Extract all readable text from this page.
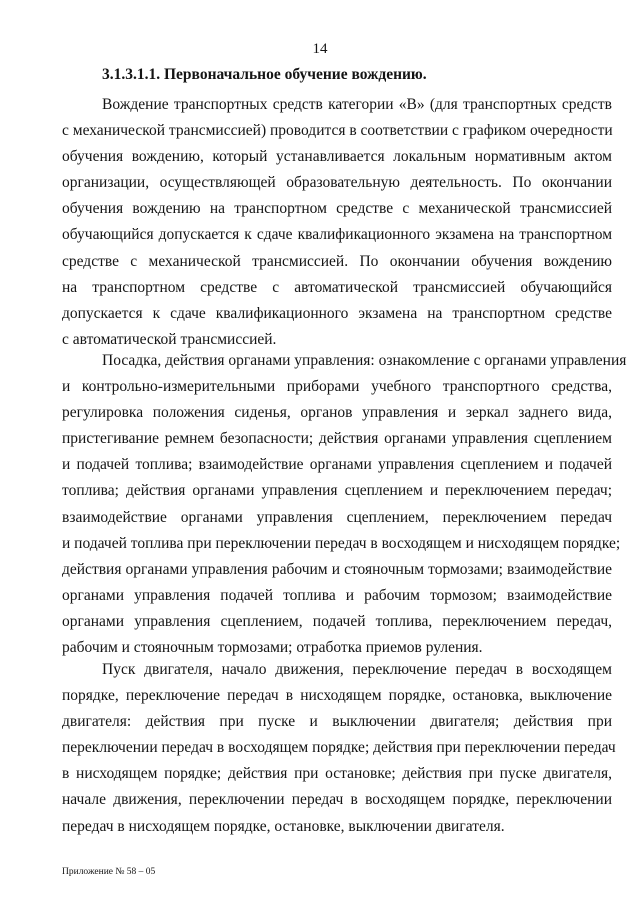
14
3.1.3.1.1. Первоначальное обучение вождению.
Вождение транспортных средств категории «B» (для транспортных средств
с механической трансмиссией) проводится в соответствии с графиком очередности
обучения вождению, который устанавливается локальным нормативным актом
организации, осуществляющей образовательную деятельность. По окончании
обучения вождению на транспортном средстве с механической трансмиссией
обучающийся допускается к сдаче квалификационного экзамена на транспортном
средстве с механической трансмиссией. По окончании обучения вождению
на транспортном средстве с автоматической трансмиссией обучающийся
допускается к сдаче квалификационного экзамена на транспортном средстве
с автоматической трансмиссией.
Посадка, действия органами управления: ознакомление с органами управления
и контрольно-измерительными приборами учебного транспортного средства,
регулировка положения сиденья, органов управления и зеркал заднего вида,
пристегивание ремнем безопасности; действия органами управления сцеплением
и подачей топлива; взаимодействие органами управления сцеплением и подачей
топлива; действия органами управления сцеплением и переключением передач;
взаимодействие органами управления сцеплением, переключением передач
и подачей топлива при переключении передач в восходящем и нисходящем порядке;
действия органами управления рабочим и стояночным тормозами; взаимодействие
органами управления подачей топлива и рабочим тормозом; взаимодействие
органами управления сцеплением, подачей топлива, переключением передач,
рабочим и стояночным тормозами; отработка приемов руления.
Пуск двигателя, начало движения, переключение передач в восходящем
порядке, переключение передач в нисходящем порядке, остановка, выключение
двигателя: действия при пуске и выключении двигателя; действия при
переключении передач в восходящем порядке; действия при переключении передач
в нисходящем порядке; действия при остановке; действия при пуске двигателя,
начале движения, переключении передач в восходящем порядке, переключении
передач в нисходящем порядке, остановке, выключении двигателя.
Приложение № 58 – 05
